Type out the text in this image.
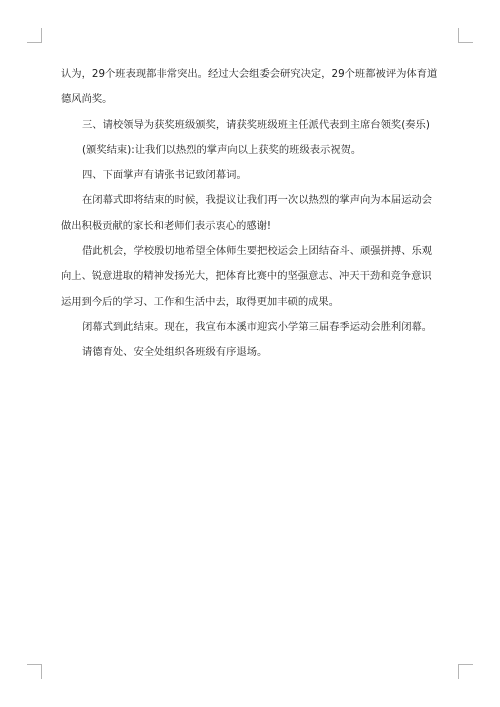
认为，29个班表现都非常突出。经过大会组委会研究决定，29个班都被评为体育道德风尚奖。

三、请校领导为获奖班级颁奖，请获奖班级班主任派代表到主席台领奖(奏乐)

(颁奖结束):让我们以热烈的掌声向以上获奖的班级表示祝贺。

四、下面掌声有请张书记致闭幕词。

在闭幕式即将结束的时候，我提议让我们再一次以热烈的掌声向为本届运动会做出积极贡献的家长和老师们表示衷心的感谢!

借此机会，学校殷切地希望全体师生要把校运会上团结奋斗、顽强拼搏、乐观向上、锐意进取的精神发扬光大，把体育比赛中的坚强意志、冲天干劲和竞争意识运用到今后的学习、工作和生活中去，取得更加丰硕的成果。

闭幕式到此结束。现在，我宣布本溪市迎宾小学第三届春季运动会胜利闭幕。

请德育处、安全处组织各班级有序退场。
